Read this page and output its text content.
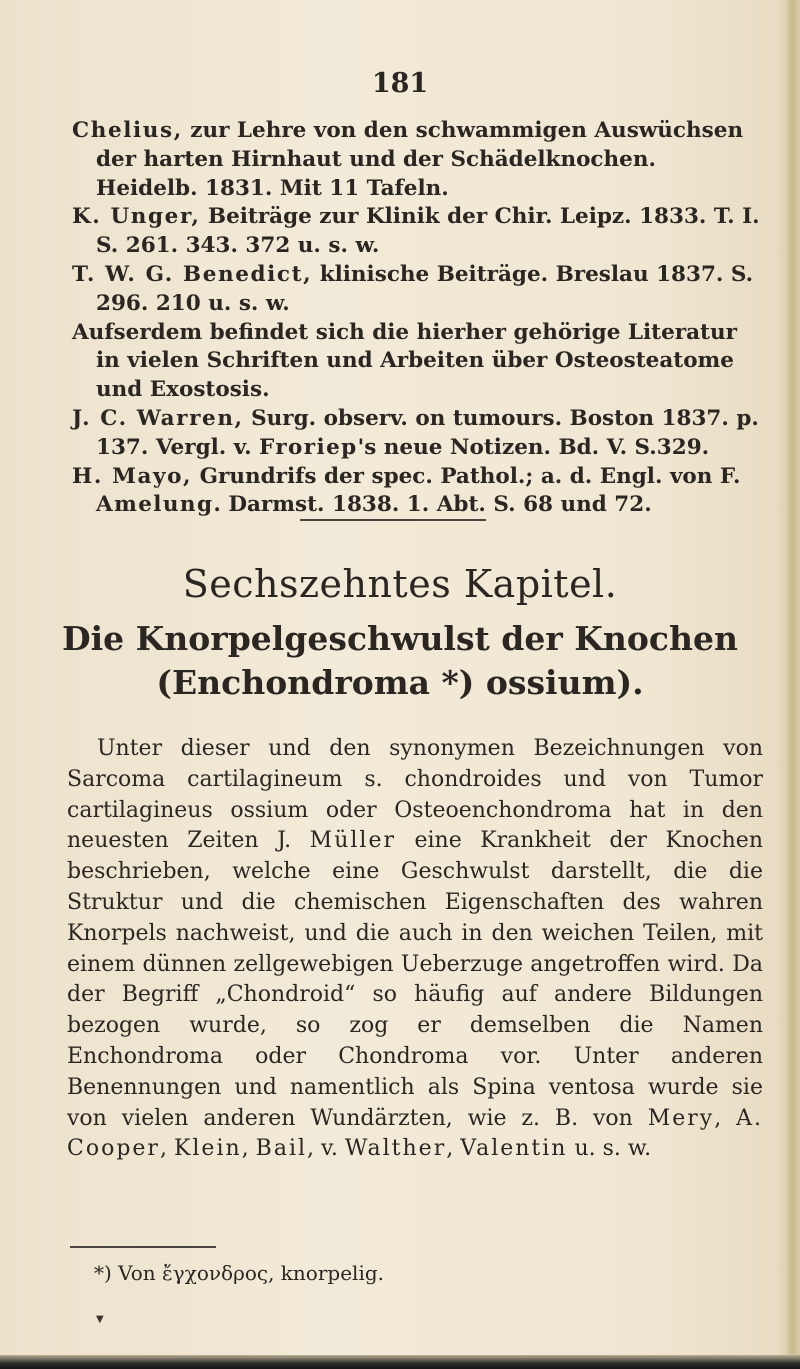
181

Chelius, zur Lehre von den schwammigen Auswüchsen der harten Hirnhaut und der Schädelknochen. Heidelb. 1831. Mit 11 Tafeln.

K. Unger, Beiträge zur Klinik der Chir. Leipz. 1833. T. I. S. 261. 343. 372 u. s. w.

T. W. G. Benedict, klinische Beiträge. Breslau 1837. S. 296. 210 u. s. w.

Aufserdem befindet sich die hierher gehörige Literatur in vielen Schriften und Arbeiten über Osteosteatome und Exostosis.

J. C. Warren, Surg. observ. on tumours. Boston 1837. p. 137. Vergl. v. Froriep's neue Notizen. Bd. V. S.329.

H. Mayo, Grundrifs der spec. Pathol.; a. d. Engl. von F. Amelung. Darmst. 1838. 1. Abt. S. 68 und 72.

Sechszehntes Kapitel.
Die Knorpelgeschwulst der Knochen (Enchondroma *) ossium).

Unter dieser und den synonymen Bezeichnungen von Sarcoma cartilagineum s. chondroides und von Tumor cartilagineus ossium oder Osteoenchondroma hat in den neuesten Zeiten J. Müller eine Krankheit der Knochen beschrieben, welche eine Geschwulst darstellt, die die Struktur und die chemischen Eigenschaften des wahren Knorpels nachweist, und die auch in den weichen Teilen, mit einem dünnen zellgewebigen Ueberzuge angetroffen wird. Da der Begriff „Chondroid“ so häufig auf andere Bildungen bezogen wurde, so zog er demselben die Namen Enchondroma oder Chondroma vor. Unter anderen Benennungen und namentlich als Spina ventosa wurde sie von vielen anderen Wundärzten, wie z. B. von Mery, A. Cooper, Klein, Bail, v. Walther, Valentin u. s. w.

*) Von ἔγχονδρος, knorpelig.
▼
